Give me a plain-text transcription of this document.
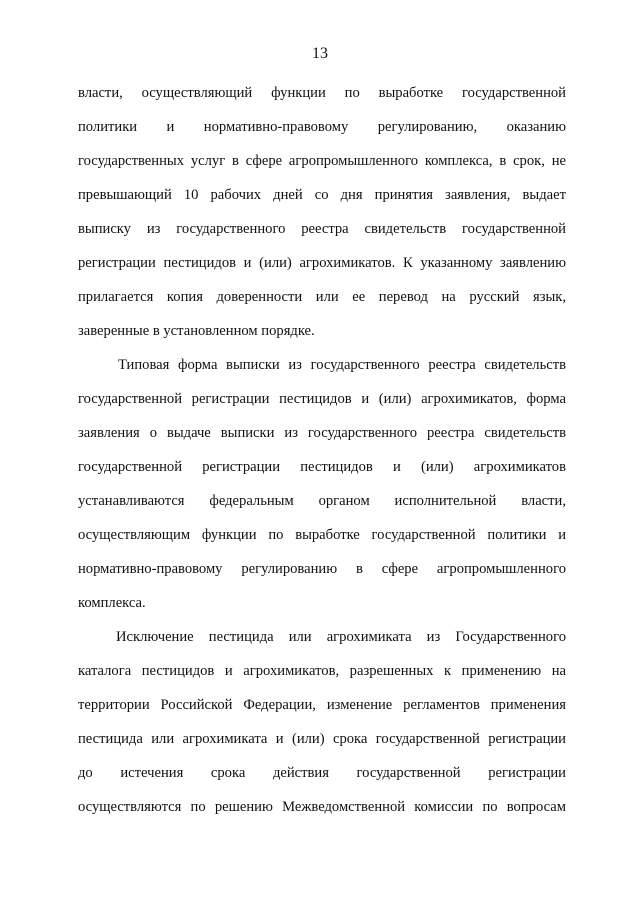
13
власти, осуществляющий функции по выработке государственной
политики и нормативно-правовому регулированию, оказанию
государственных услуг в сфере агропромышленного комплекса, в срок, не
превышающий 10 рабочих дней со дня принятия заявления, выдает
выписку из государственного реестра свидетельств государственной
регистрации пестицидов и (или) агрохимикатов. К указанному заявлению
прилагается копия доверенности или ее перевод на русский язык,
заверенные в установленном порядке.
Типовая форма выписки из государственного реестра свидетельств
государственной регистрации пестицидов и (или) агрохимикатов, форма
заявления о выдаче выписки из государственного реестра свидетельств
государственной регистрации пестицидов и (или) агрохимикатов
устанавливаются федеральным органом исполнительной власти,
осуществляющим функции по выработке государственной политики и
нормативно-правовому регулированию в сфере агропромышленного
комплекса.
Исключение пестицида или агрохимиката из Государственного
каталога пестицидов и агрохимикатов, разрешенных к применению на
территории Российской Федерации, изменение регламентов применения
пестицида или агрохимиката и (или) срока государственной регистрации
до истечения срока действия государственной регистрации
осуществляются по решению Межведомственной комиссии по вопросам
